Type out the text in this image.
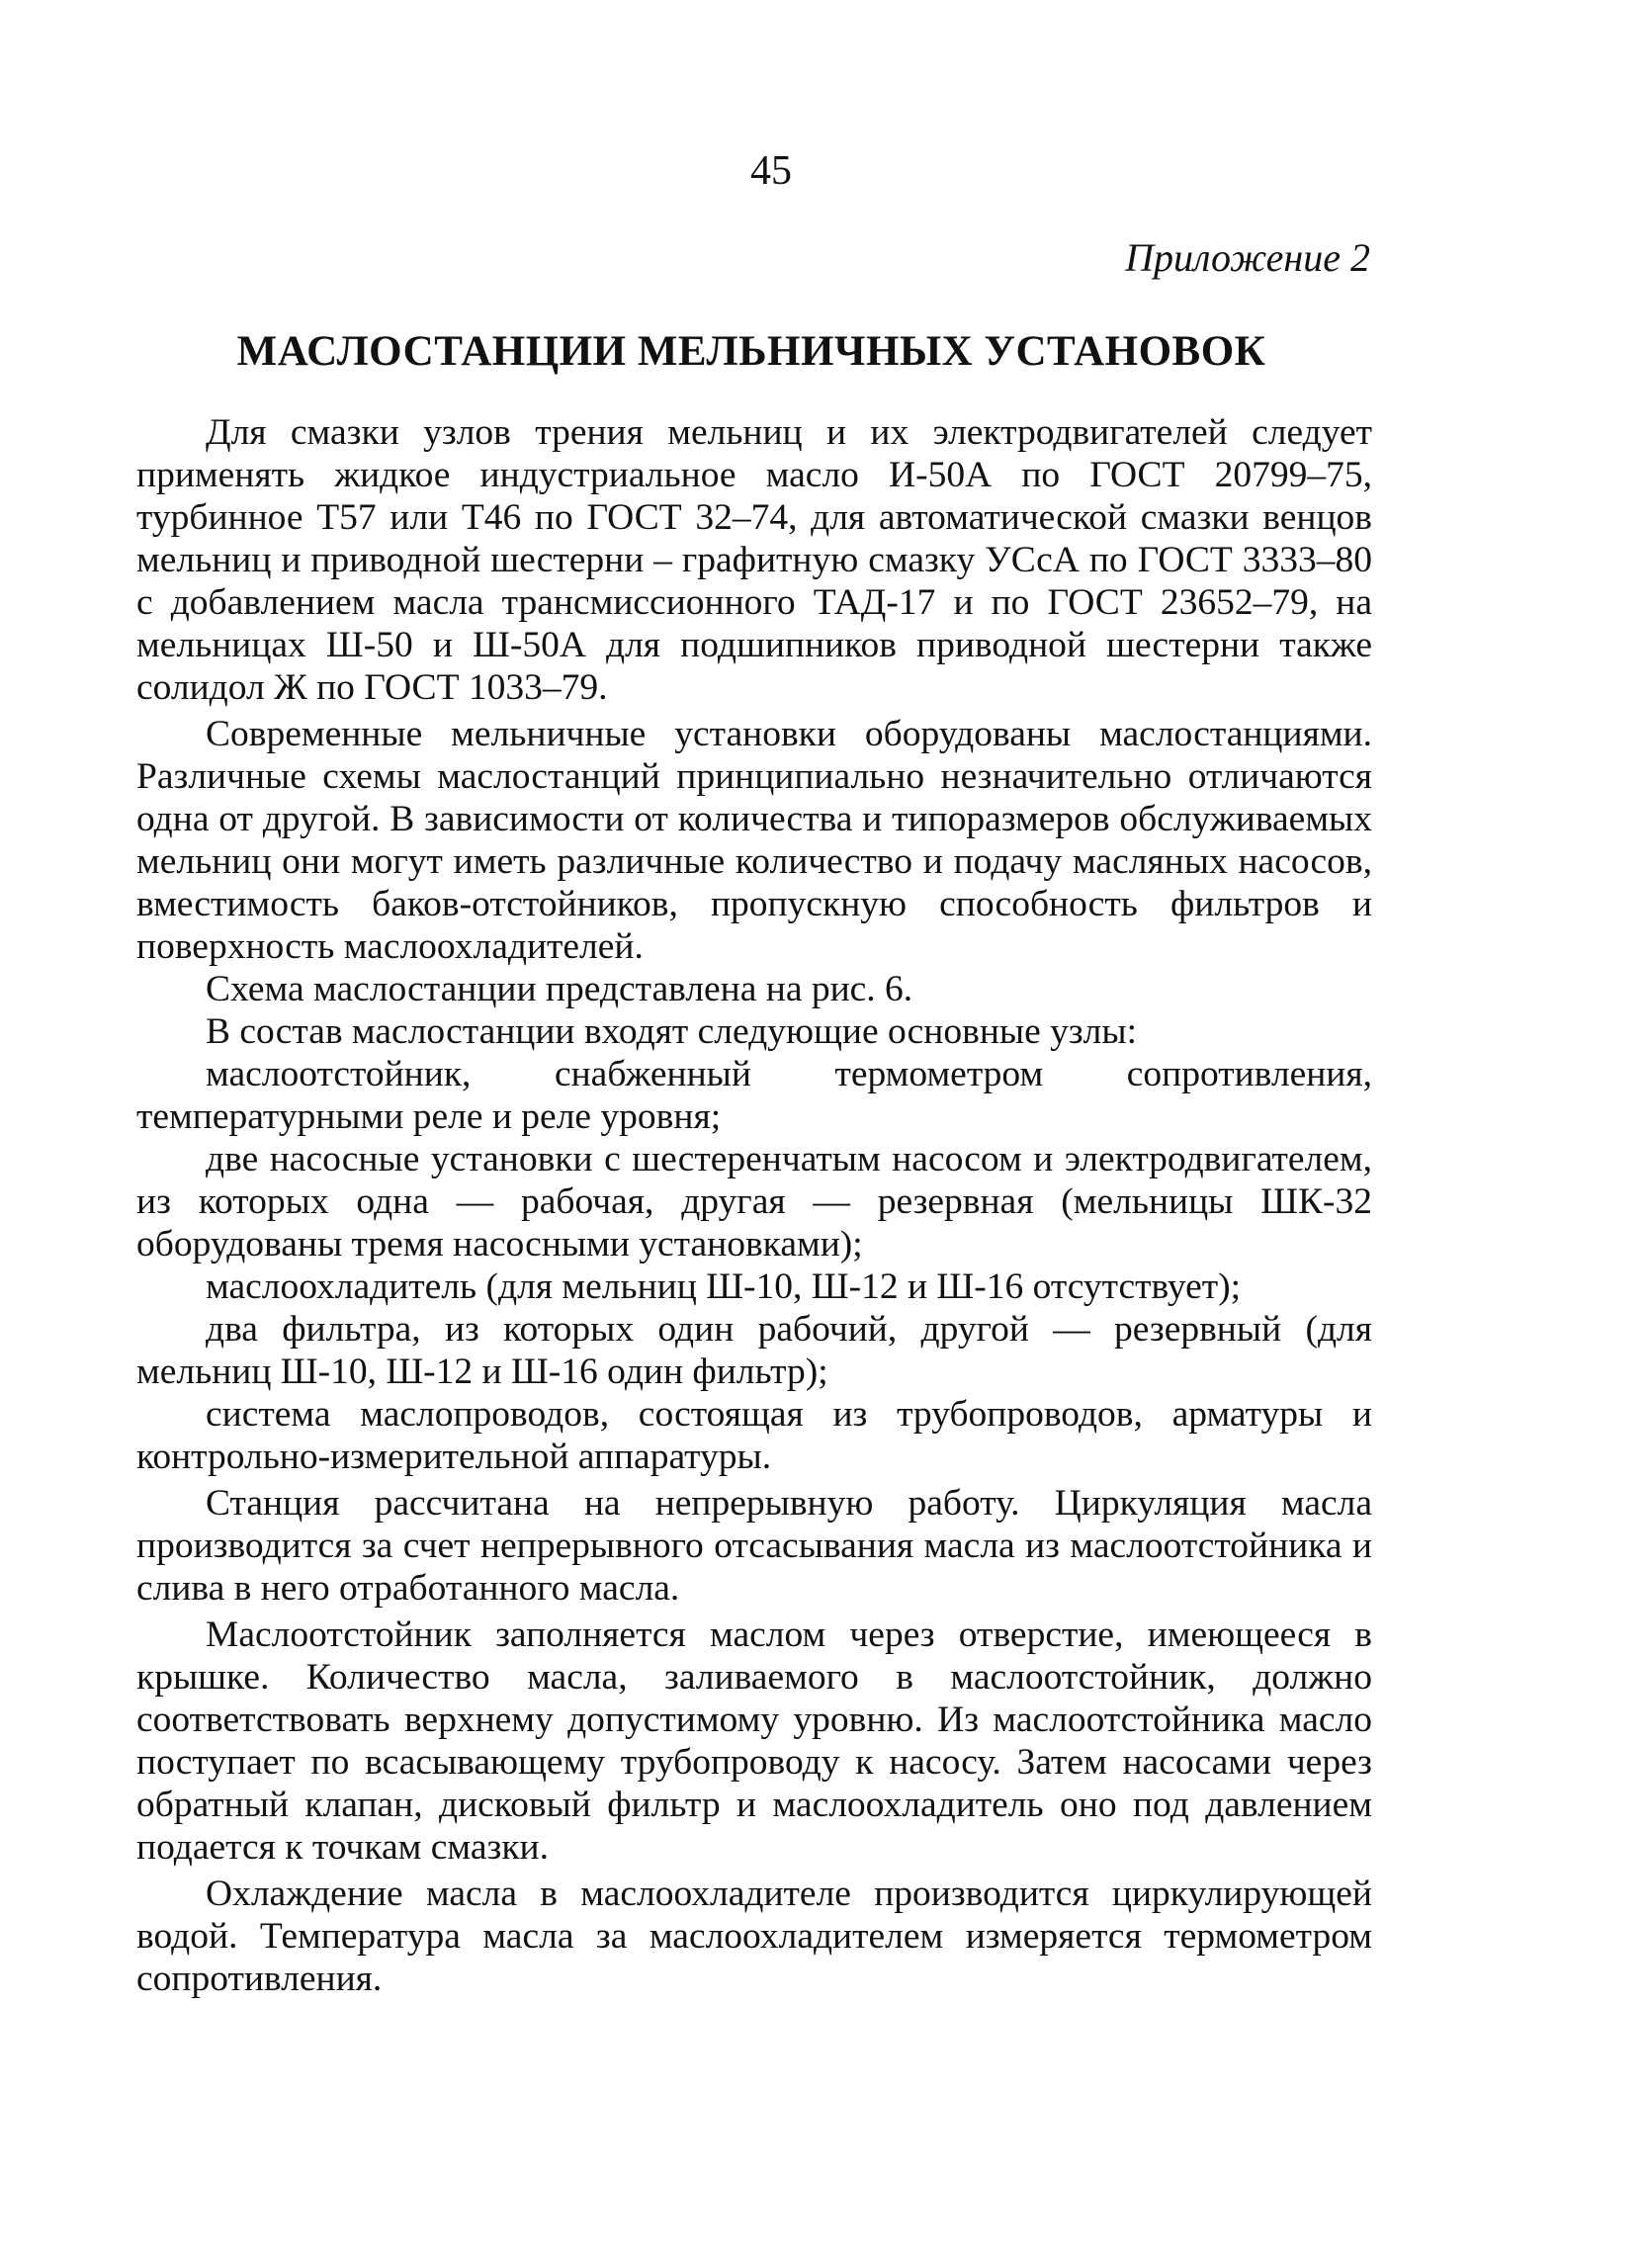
45
Приложение 2
МАСЛОСТАНЦИИ МЕЛЬНИЧНЫХ УСТАНОВОК

Для смазки узлов трения мельниц и их электродвигателей следует применять жидкое индустриальное масло И-50А по ГОСТ 20799–75, турбинное Т57 или Т46 по ГОСТ 32–74, для автоматической смазки венцов мельниц и приводной шестерни – графитную смазку УСсА по ГОСТ 3333–80 с добавлением масла трансмиссионного ТАД-17 и по ГОСТ 23652–79, на мельницах Ш-50 и Ш-50А для подшипников приводной шестерни также солидол Ж по ГОСТ 1033–79.

Современные мельничные установки оборудованы маслостанциями. Различные схемы маслостанций принципиально незначительно отличаются одна от другой. В зависимости от количества и типоразмеров обслуживаемых мельниц они могут иметь различные количество и подачу масляных насосов, вместимость баков-отстойников, пропускную способность фильтров и поверхность маслоохладителей.

Схема маслостанции представлена на рис. 6.

В состав маслостанции входят следующие основные узлы:

маслоотстойник, снабженный термометром сопротивления, температурными реле и реле уровня;

две насосные установки с шестеренчатым насосом и электродвигателем, из которых одна — рабочая, другая — резервная (мельницы ШК-32 оборудованы тремя насосными установками);

маслоохладитель (для мельниц Ш-10, Ш-12 и Ш-16 отсутствует);

два фильтра, из которых один рабочий, другой — резервный (для мельниц Ш-10, Ш-12 и Ш-16 один фильтр);

система маслопроводов, состоящая из трубопроводов, арматуры и контрольно-измерительной аппаратуры.

Станция рассчитана на непрерывную работу. Циркуляция масла производится за счет непрерывного отсасывания масла из маслоотстойника и слива в него отработанного масла.

Маслоотстойник заполняется маслом через отверстие, имеющееся в крышке. Количество масла, заливаемого в маслоотстойник, должно соответствовать верхнему допустимому уровню. Из маслоотстойника масло поступает по всасывающему трубопроводу к насосу. Затем насосами через обратный клапан, дисковый фильтр и маслоохладитель оно под давлением подается к точкам смазки.

Охлаждение масла в маслоохладителе производится циркулирующей водой. Температура масла за маслоохладителем измеряется термометром сопротивления.
